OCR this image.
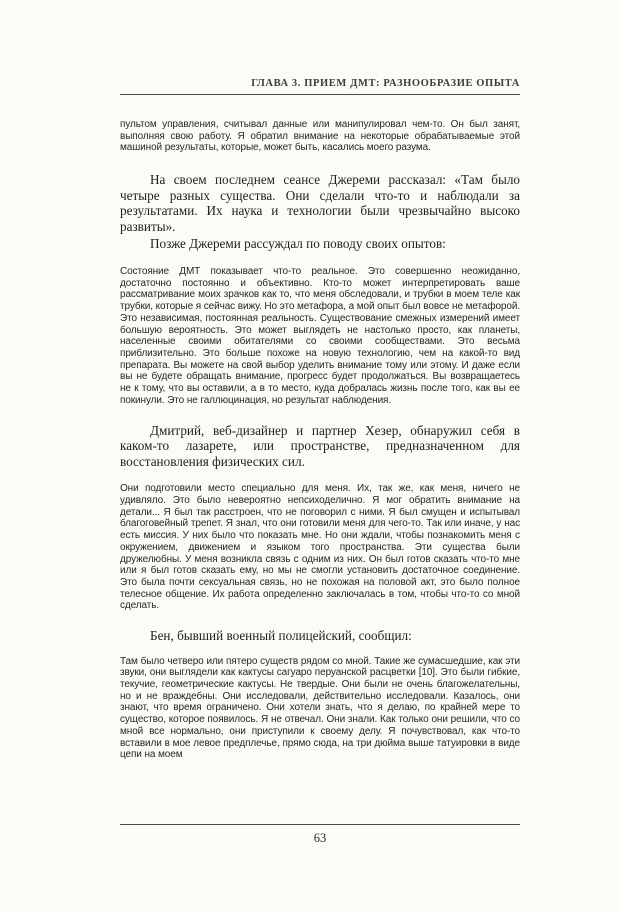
ГЛАВА 3. ПРИЕМ ДМТ: РАЗНООБРАЗИЕ ОПЫТА

пультом управления, считывал данные или манипулировал чем-то. Он был занят, выполняя свою работу. Я обратил внимание на некоторые обрабатываемые этой машиной результаты, которые, может быть, касались моего разума.

На своем последнем сеансе Джереми рассказал: «Там было четыре разных существа. Они сделали что-то и наблюдали за результатами. Их наука и технологии были чрезвычайно высоко развиты».

Позже Джереми рассуждал по поводу своих опытов:

Состояние ДМТ показывает что-то реальное. Это совершенно неожиданно, достаточно постоянно и объективно. Кто-то может интерпретировать ваше рассматривание моих зрачков как то, что меня обследовали, и трубки в моем теле как трубки, которые я сейчас вижу. Но это метафора, а мой опыт был вовсе не метафорой. Это независимая, постоянная реальность. Существование смежных измерений имеет большую вероятность. Это может выглядеть не настолько просто, как планеты, населенные своими обитателями со своими сообществами. Это весьма приблизительно. Это больше похоже на новую технологию, чем на какой-то вид препарата. Вы можете на свой выбор уделить внимание тому или этому. И даже если вы не будете обращать внимание, прогресс будет продолжаться. Вы возвращаетесь не к тому, что вы оставили, а в то место, куда добралась жизнь после того, как вы ее покинули. Это не галлюцинация, но результат наблюдения.

Дмитрий, веб-дизайнер и партнер Хезер, обнаружил себя в каком-то лазарете, или пространстве, предназначенном для восстановления физических сил.

Они подготовили место специально для меня. Их, так же, как меня, ничего не удивляло. Это было невероятно непсиходелично. Я мог обратить внимание на детали... Я был так расстроен, что не поговорил с ними. Я был смущен и испытывал благоговейный трепет. Я знал, что они готовили меня для чего-то. Так или иначе, у нас есть миссия. У них было что показать мне. Но они ждали, чтобы познакомить меня с окружением, движением и языком того пространства. Эти существа были дружелюбны. У меня возникла связь с одним из них. Он был готов сказать что-то мне или я был готов сказать ему, но мы не смогли установить достаточное соединение. Это была почти сексуальная связь, но не похожая на половой акт, это было полное телесное общение. Их работа определенно заключалась в том, чтобы что-то со мной сделать.

Бен, бывший военный полицейский, сообщил:

Там было четверо или пятеро существ рядом со мной. Такие же сумасшедшие, как эти звуки, они выглядели как кактусы сагуаро перуанской расцветки [10]. Это были гибкие, текучие, геометрические кактусы. Не твердые. Они были не очень благожелательны, но и не враждебны. Они исследовали, действительно исследовали. Казалось, они знают, что время ограничено. Они хотели знать, что я делаю, по крайней мере то существо, которое появилось. Я не отвечал. Они знали. Как только они решили, что со мной все нормально, они приступили к своему делу. Я почувствовал, как что-то вставили в мое левое предплечье, прямо сюда, на три дюйма выше татуировки в виде цепи на моем

63
